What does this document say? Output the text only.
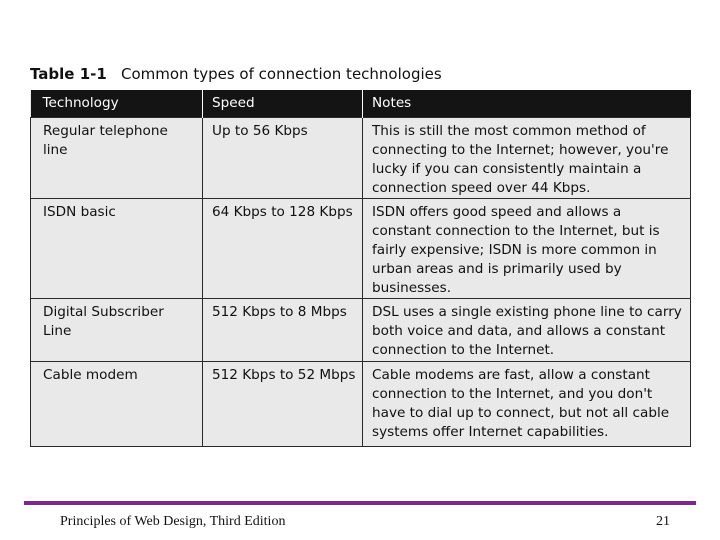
Table 1-1 Common types of connection technologies
Technology	Speed	Notes
Regular telephone line	Up to 56 Kbps	This is still the most common method of connecting to the Internet; however, you're lucky if you can consistently maintain a connection speed over 44 Kbps.
ISDN basic	64 Kbps to 128 Kbps	ISDN offers good speed and allows a constant connection to the Internet, but is fairly expensive; ISDN is more common in urban areas and is primarily used by businesses.
Digital Subscriber Line	512 Kbps to 8 Mbps	DSL uses a single existing phone line to carry both voice and data, and allows a constant connection to the Internet.
Cable modem	512 Kbps to 52 Mbps	Cable modems are fast, allow a constant connection to the Internet, and you don't have to dial up to connect, but not all cable systems offer Internet capabilities.
Principles of Web Design, Third Edition	21
